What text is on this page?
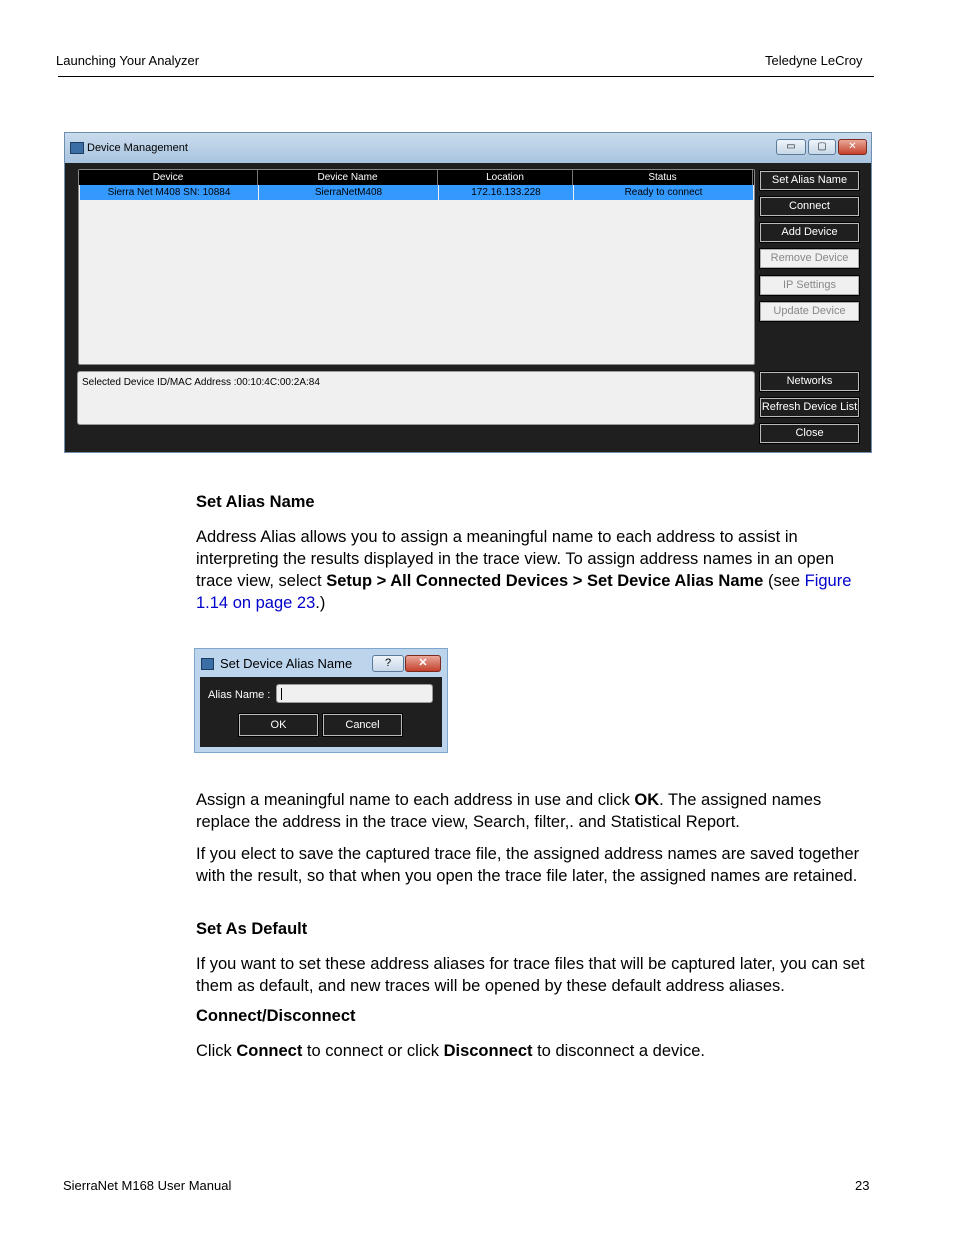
Launching Your Analyzer	Teledyne LeCroy
Device Management	▭	▢	✕
Device	Device Name	Location	Status
Sierra Net M408 SN: 10884	SierraNetM408	172.16.133.228	Ready to connect
Selected Device ID/MAC Address :00:10:4C:00:2A:84
Set Alias Name
Connect
Add Device
Remove Device
IP Settings
Update Device
Networks
Refresh Device List
Close
Set Alias Name
Address Alias allows you to assign a meaningful name to each address to assist in interpreting the results displayed in the trace view. To assign address names in an open trace view, select Setup > All Connected Devices > Set Device Alias Name (see Figure 1.14 on page 23.)
Set Device Alias Name	?	✕
Alias Name :
OK	Cancel
Assign a meaningful name to each address in use and click OK. The assigned names replace the address in the trace view, Search, filter,. and Statistical Report.
If you elect to save the captured trace file, the assigned address names are saved together with the result, so that when you open the trace file later, the assigned names are retained.
Set As Default
If you want to set these address aliases for trace files that will be captured later, you can set them as default, and new traces will be opened by these default address aliases.
Connect/Disconnect
Click Connect to connect or click Disconnect to disconnect a device.
SierraNet M168 User Manual	23
